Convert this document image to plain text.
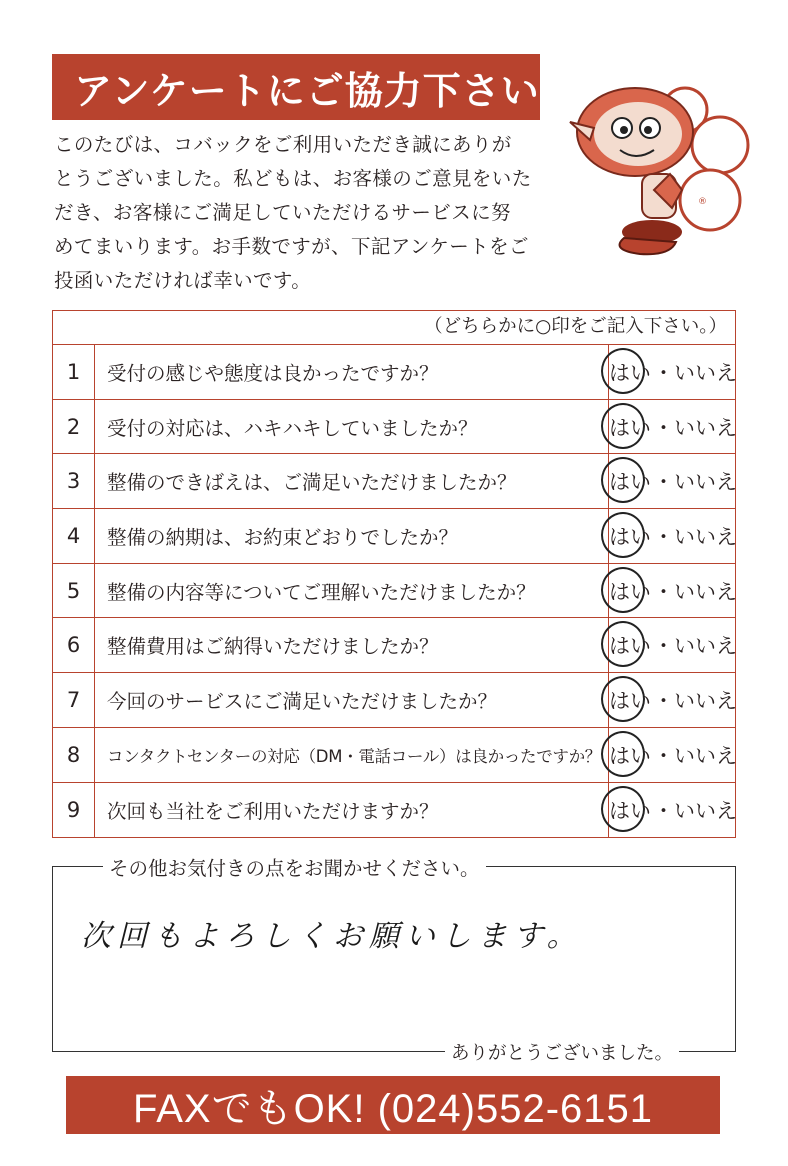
アンケートにご協力下さい

このたびは、コバックをご利用いただき誠にありが
とうございました。私どもは、お客様のご意見をいた
だき、お客様にご満足していただけるサービスに努
めてまいります。お手数ですが、下記アンケートをご
投函いただければ幸いです。

®
（どちらかに○印をご記入下さい。）
1	受付の感じや態度は良かったですか？	はい ・ いいえ
2	受付の対応は、ハキハキしていましたか？	はい ・ いいえ
3	整備のできばえは、ご満足いただけましたか？	はい ・ いいえ
4	整備の納期は、お約束どおりでしたか？	はい ・ いいえ
5	整備の内容等についてご理解いただけましたか？	はい ・ いいえ
6	整備費用はご納得いただけましたか？	はい ・ いいえ
7	今回のサービスにご満足いただけましたか？	はい ・ いいえ
8	コンタクトセンターの対応（DM・電話コール）は良かったですか？ はい ・ いいえ
9	次回も当社をご利用いただけますか？	はい ・ いいえ
その他お気付きの点をお聞かせください。
次回もよろしくお願いします。
ありがとうございました。
FAXでもOK! (024)552-6151
